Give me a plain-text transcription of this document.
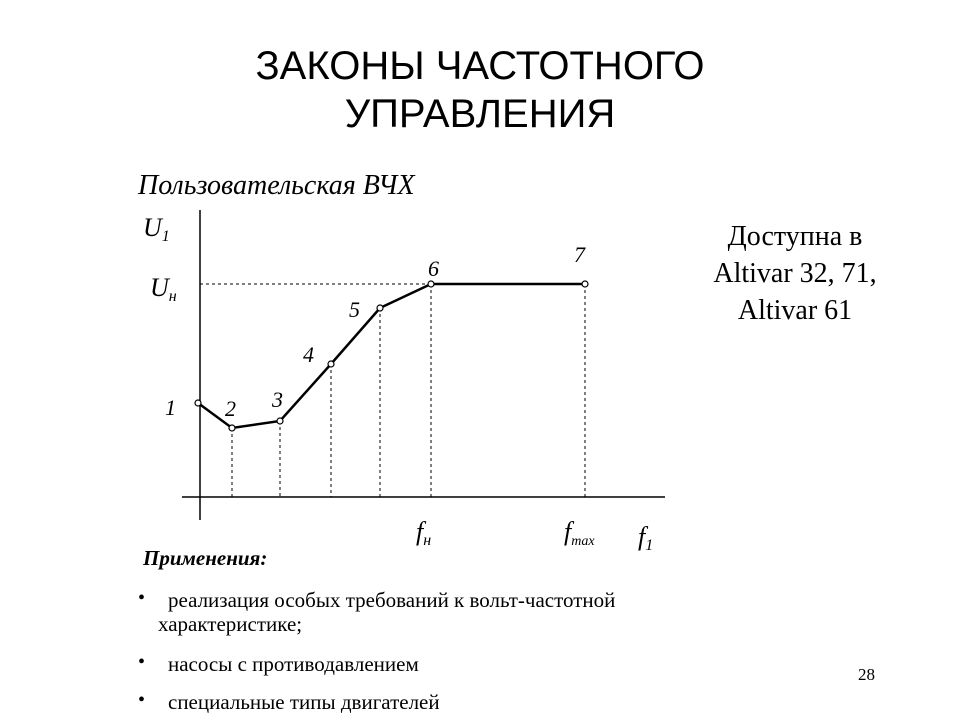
ЗАКОНЫ ЧАСТОТНОГО
УПРАВЛЕНИЯ
Пользовательская ВЧХ
Доступна в
Altivar 32, 71,
Altivar 61
1 2 3
4
5
6
7
U1
Uн
fн	fmax f1
Применения:
•	реализация особых требований к вольт-частотной
характеристике;
•	насосы с противодавлением
•	специальные типы двигателей
28
